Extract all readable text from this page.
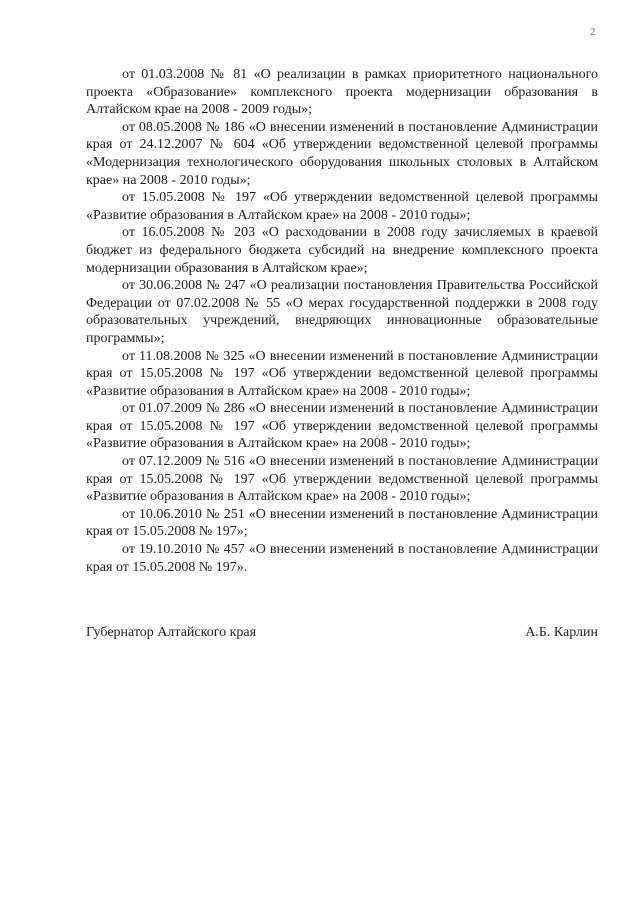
2

от 01.03.2008 № 81 «О реализации в рамках приоритетного национального проекта «Образование» комплексного проекта модернизации образования в Алтайском крае на 2008 - 2009 годы»;

от 08.05.2008 № 186 «О внесении изменений в постановление Администрации края от 24.12.2007 № 604 «Об утверждении ведомственной целевой программы «Модернизация технологического оборудования школьных столовых в Алтайском крае» на 2008 - 2010 годы»;

от 15.05.2008 № 197 «Об утверждении ведомственной целевой программы «Развитие образования в Алтайском крае» на 2008 - 2010 годы»;

от 16.05.2008 № 203 «О расходовании в 2008 году зачисляемых в краевой бюджет из федерального бюджета субсидий на внедрение комплексного проекта модернизации образования в Алтайском крае»;

от 30.06.2008 № 247 «О реализации постановления Правительства Российской Федерации от 07.02.2008 № 55 «О мерах государственной поддержки в 2008 году образовательных учреждений, внедряющих инновационные образовательные программы»;

от 11.08.2008 № 325 «О внесении изменений в постановление Администрации края от 15.05.2008 № 197 «Об утверждении ведомственной целевой программы «Развитие образования в Алтайском крае» на 2008 - 2010 годы»;

от 01.07.2009 № 286 «О внесении изменений в постановление Администрации края от 15.05.2008 № 197 «Об утверждении ведомственной целевой программы «Развитие образования в Алтайском крае» на 2008 - 2010 годы»;

от 07.12.2009 № 516 «О внесении изменений в постановление Администрации края от 15.05.2008 № 197 «Об утверждении ведомственной целевой программы «Развитие образования в Алтайском крае» на 2008 - 2010 годы»;

от 10.06.2010 № 251 «О внесении изменений в постановление Администрации края от 15.05.2008 № 197»;

от 19.10.2010 № 457 «О внесении изменений в постановление Администрации края от 15.05.2008 № 197».

Губернатор Алтайского края	А.Б. Карлин
